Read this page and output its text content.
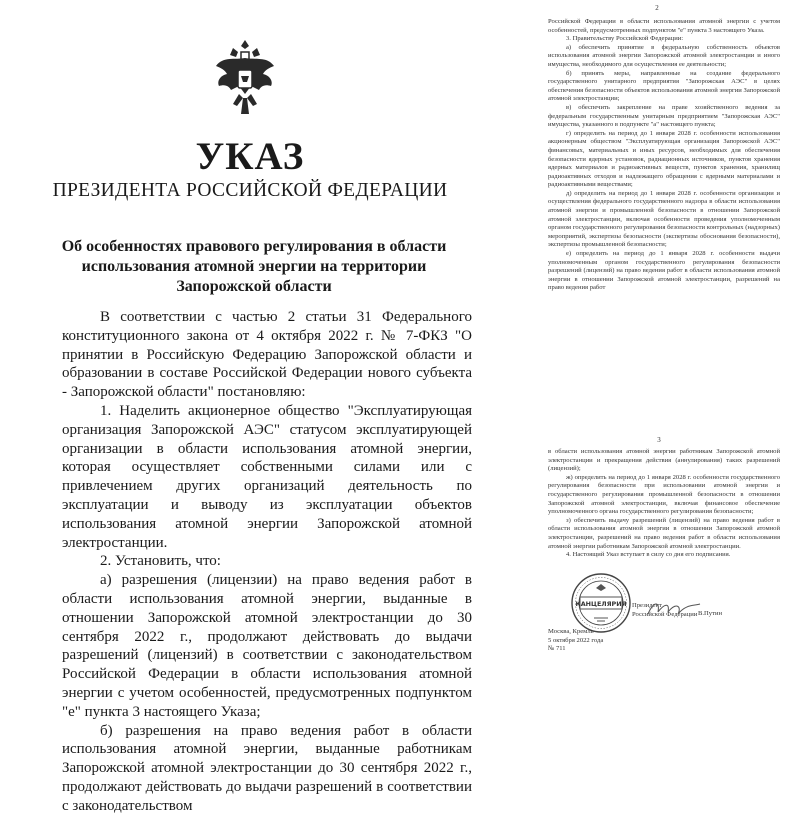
УКАЗ
ПРЕЗИДЕНТА РОССИЙСКОЙ ФЕДЕРАЦИИ
Об особенностях правового регулирования в области использования атомной энергии на территории Запорожской области

В соответствии с частью 2 статьи 31 Федерального конституционного закона от 4 октября 2022 г. № 7-ФКЗ "О принятии в Российскую Федерацию Запорожской области и образовании в составе Российской Федерации нового субъекта - Запорожской области" постановляю:

1. Наделить акционерное общество "Эксплуатирующая организация Запорожской АЭС" статусом эксплуатирующей организации в области использования атомной энергии, которая осуществляет собственными силами или с привлечением других организаций деятельность по эксплуатации и выводу из эксплуатации объектов использования атомной энергии Запорожской атомной электростанции.

2. Установить, что:

а) разрешения (лицензии) на право ведения работ в области использования атомной энергии, выданные в отношении Запорожской атомной электростанции до 30 сентября 2022 г., продолжают действовать до выдачи разрешений (лицензий) в соответствии с законодательством Российской Федерации в области использования атомной энергии с учетом особенностей, предусмотренных подпунктом "е" пункта 3 настоящего Указа;

б) разрешения на право ведения работ в области использования атомной энергии, выданные работникам Запорожской атомной электростанции до 30 сентября 2022 г., продолжают действовать до выдачи разрешений в соответствии с законодательством

2

Российской Федерации в области использования атомной энергии с учетом особенностей, предусмотренных подпунктом "е" пункта 3 настоящего Указа.

3. Правительству Российской Федерации:

а) обеспечить принятие в федеральную собственность объектов использования атомной энергии Запорожской атомной электростанции и иного имущества, необходимого для осуществления ее деятельности;

б) принять меры, направленные на создание федерального государственного унитарного предприятия "Запорожская АЭС" в целях обеспечения безопасности объектов использования атомной энергии Запорожской атомной электростанции;

в) обеспечить закрепление на праве хозяйственного ведения за федеральным государственным унитарным предприятием "Запорожская АЭС" имущества, указанного в подпункте "а" настоящего пункта;

г) определить на период до 1 января 2028 г. особенности использования акционерным обществом "Эксплуатирующая организация Запорожской АЭС" финансовых, материальных и иных ресурсов, необходимых для обеспечения безопасности ядерных установок, радиационных источников, пунктов хранения ядерных материалов и радиоактивных веществ, пунктов хранения, хранилищ радиоактивных отходов и надлежащего обращения с ядерными материалами и радиоактивными веществами;

д) определить на период до 1 января 2028 г. особенности организации и осуществления федерального государственного надзора в области использования атомной энергии и промышленной безопасности в отношении Запорожской атомной электростанции, включая особенности проведения уполномоченным органом государственного регулирования безопасности контрольных (надзорных) мероприятий, экспертизы безопасности (экспертизы обоснования безопасности), экспертизы промышленной безопасности;

е) определить на период до 1 января 2028 г. особенности выдачи уполномоченным органом государственного регулирования безопасности разрешений (лицензий) на право ведения работ в области использования атомной энергии в отношении Запорожской атомной электростанции, разрешений на право ведения работ

3

в области использования атомной энергии работникам Запорожской атомной электростанции и прекращения действия (аннулирования) таких разрешений (лицензий);

ж) определить на период до 1 января 2028 г. особенности государственного регулирования безопасности при использовании атомной энергии и государственного регулирования промышленной безопасности в отношении Запорожской атомной электростанции, включая финансовое обеспечение уполномоченного органа государственного регулирования безопасности;

з) обеспечить выдачу разрешений (лицензий) на право ведения работ в области использования атомной энергии в отношении Запорожской атомной электростанции, разрешений на право ведения работ в области использования атомной энергии работникам Запорожской атомной электростанции.

4. Настоящий Указ вступает в силу со дня его подписания.

КАНЦЕЛЯРИЯ Президент
Российской Федерации В.Путин
Москва, Кремль
5 октября 2022 года
№ 711
